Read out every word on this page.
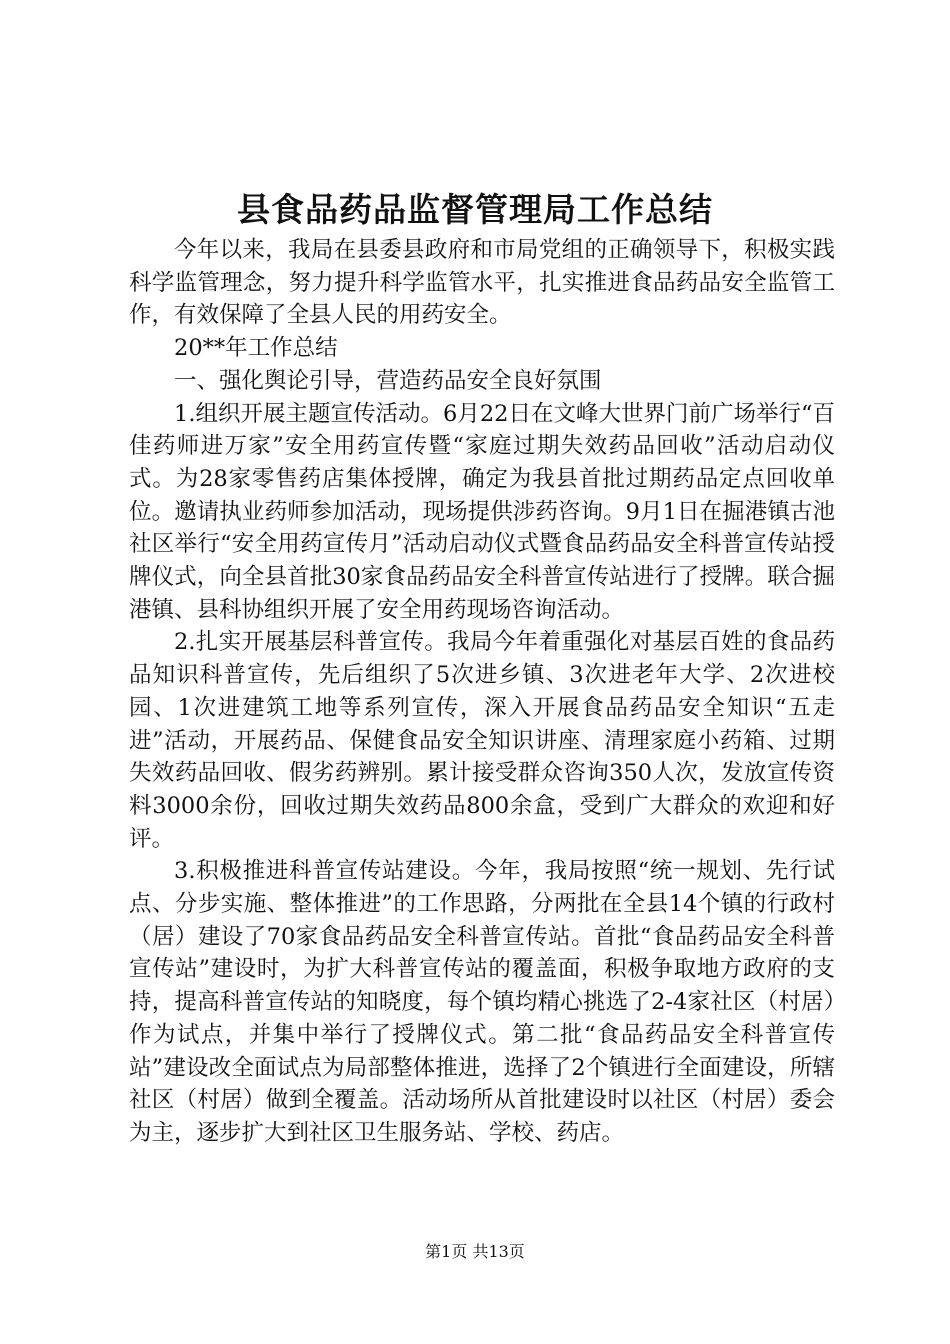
县食品药品监督管理局工作总结

今年以来，我局在县委县政府和市局党组的正确领导下，积极实践科学监管理念，努力提升科学监管水平，扎实推进食品药品安全监管工作，有效保障了全县人民的用药安全。

20**年工作总结

一、强化舆论引导，营造药品安全良好氛围

1.组织开展主题宣传活动。6月22日在文峰大世界门前广场举行“百佳药师进万家”安全用药宣传暨“家庭过期失效药品回收”活动启动仪式。为28家零售药店集体授牌，确定为我县首批过期药品定点回收单位。邀请执业药师参加活动，现场提供涉药咨询。9月1日在掘港镇古池社区举行“安全用药宣传月”活动启动仪式暨食品药品安全科普宣传站授牌仪式，向全县首批30家食品药品安全科普宣传站进行了授牌。联合掘港镇、县科协组织开展了安全用药现场咨询活动。

2.扎实开展基层科普宣传。我局今年着重强化对基层百姓的食品药品知识科普宣传，先后组织了5次进乡镇、3次进老年大学、2次进校园、1次进建筑工地等系列宣传，深入开展食品药品安全知识“五走进”活动，开展药品、保健食品安全知识讲座、清理家庭小药箱、过期失效药品回收、假劣药辨别。累计接受群众咨询350人次，发放宣传资料3000余份，回收过期失效药品800余盒，受到广大群众的欢迎和好评。

3.积极推进科普宣传站建设。今年，我局按照“统一规划、先行试点、分步实施、整体推进”的工作思路，分两批在全县14个镇的行政村（居）建设了70家食品药品安全科普宣传站。首批“食品药品安全科普宣传站”建设时，为扩大科普宣传站的覆盖面，积极争取地方政府的支持，提高科普宣传站的知晓度，每个镇均精心挑选了2-4家社区（村居）作为试点，并集中举行了授牌仪式。第二批“食品药品安全科普宣传站”建设改全面试点为局部整体推进，选择了2个镇进行全面建设，所辖社区（村居）做到全覆盖。活动场所从首批建设时以社区（村居）委会为主，逐步扩大到社区卫生服务站、学校、药店。

第1页 共13页
